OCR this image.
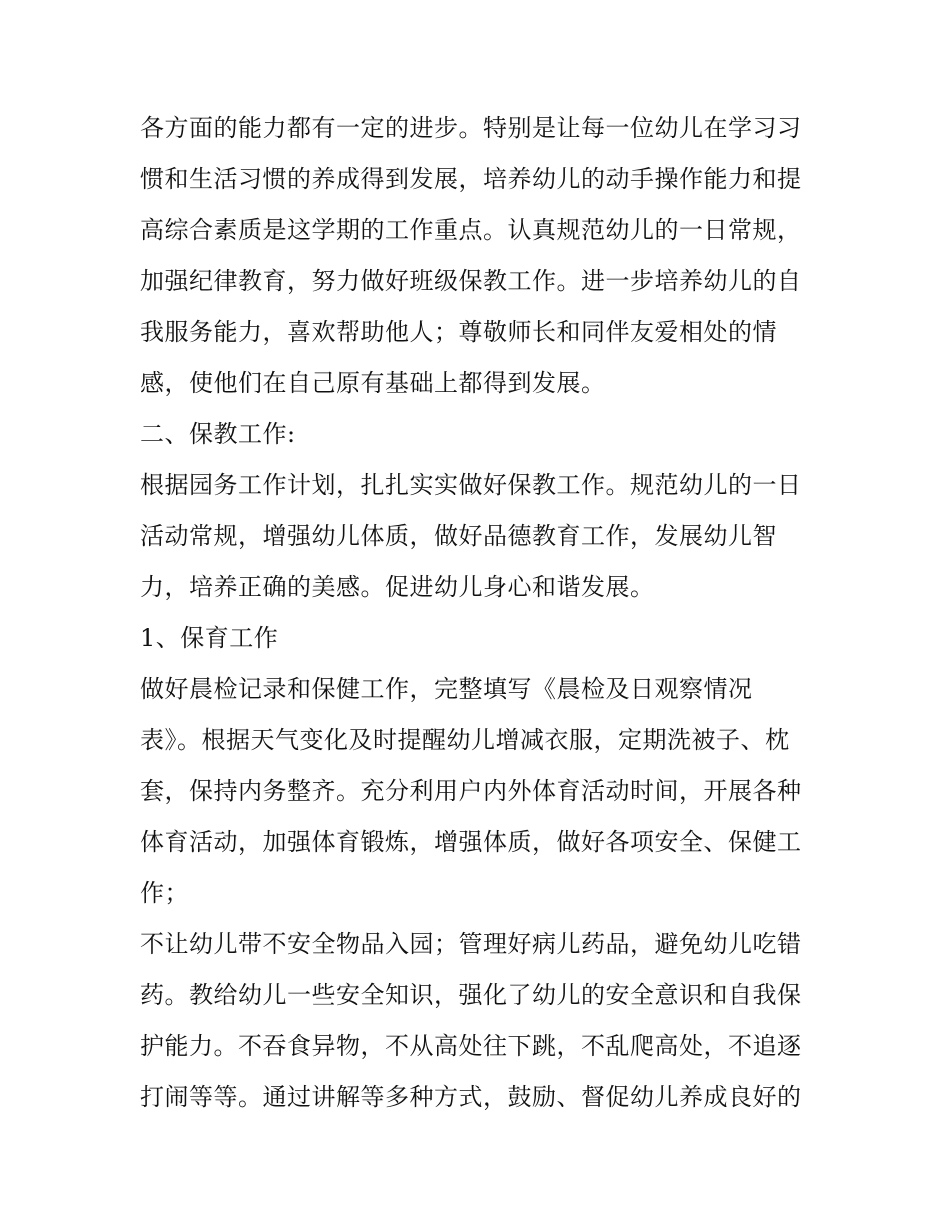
各方面的能力都有一定的进步。特别是让每一位幼儿在学习习
惯和生活习惯的养成得到发展，培养幼儿的动手操作能力和提
高综合素质是这学期的工作重点。认真规范幼儿的一日常规，
加强纪律教育，努力做好班级保教工作。进一步培养幼儿的自
我服务能力，喜欢帮助他人；尊敬师长和同伴友爱相处的情
感，使他们在自己原有基础上都得到发展。
二、保教工作:
根据园务工作计划，扎扎实实做好保教工作。规范幼儿的一日
活动常规，增强幼儿体质，做好品德教育工作，发展幼儿智
力，培养正确的美感。促进幼儿身心和谐发展。
1、保育工作
做好晨检记录和保健工作，完整填写《晨检及日观察情况
表》。根据天气变化及时提醒幼儿增减衣服，定期洗被子、枕
套，保持内务整齐。充分利用户内外体育活动时间，开展各种
体育活动，加强体育锻炼，增强体质，做好各项安全、保健工
作；
不让幼儿带不安全物品入园；管理好病儿药品，避免幼儿吃错
药。教给幼儿一些安全知识，强化了幼儿的安全意识和自我保
护能力。不吞食异物，不从高处往下跳，不乱爬高处，不追逐
打闹等等。通过讲解等多种方式，鼓励、督促幼儿养成良好的
